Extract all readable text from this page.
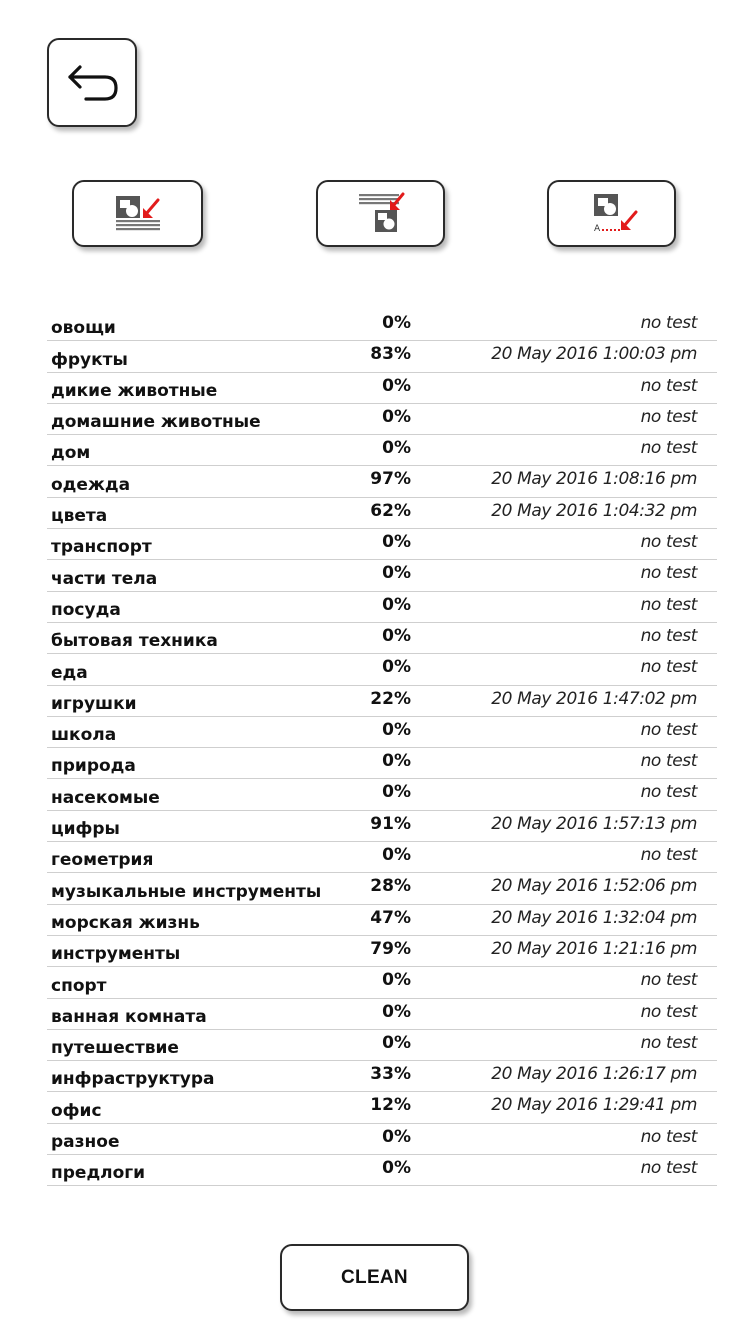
A
овощи	0%	no test
фрукты	83%	20 May 2016 1:00:03 pm
дикие животные	0%	no test
домашние животные	0%	no test
дом	0%	no test
одежда	97%	20 May 2016 1:08:16 pm
цвета	62%	20 May 2016 1:04:32 pm
транспорт	0%	no test
части тела	0%	no test
посуда	0%	no test
бытовая техника	0%	no test
еда	0%	no test
игрушки	22%	20 May 2016 1:47:02 pm
школа	0%	no test
природа	0%	no test
насекомые	0%	no test
цифры	91%	20 May 2016 1:57:13 pm
геометрия	0%	no test
музыкальные инструменты	28%	20 May 2016 1:52:06 pm
морская жизнь	47%	20 May 2016 1:32:04 pm
инструменты	79%	20 May 2016 1:21:16 pm
спорт	0%	no test
ванная комната	0%	no test
путешествие	0%	no test
инфраструктура	33%	20 May 2016 1:26:17 pm
офис	12%	20 May 2016 1:29:41 pm
разное	0%	no test
предлоги	0%	no test
CLEAN
